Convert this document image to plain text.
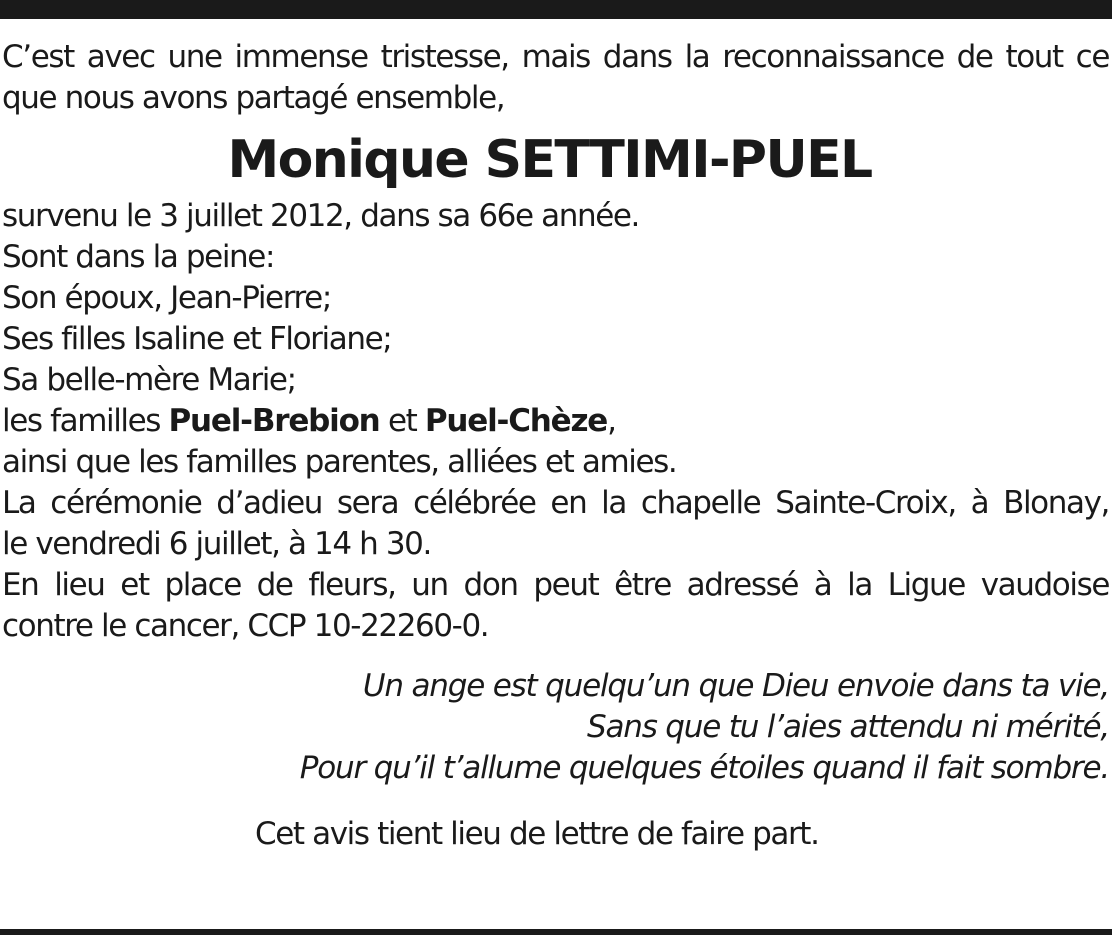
C’est avec une immense tristesse, mais dans la reconnaissance de tout ce
que nous avons partagé ensemble,
Monique SETTIMI-PUEL
survenu le 3 juillet 2012, dans sa 66e année.
Sont dans la peine:
Son époux, Jean-Pierre;
Ses filles Isaline et Floriane;
Sa belle-mère Marie;
les familles Puel-Brebion et Puel-Chèze,
ainsi que les familles parentes, alliées et amies.
La cérémonie d’adieu sera célébrée en la chapelle Sainte-Croix, à Blonay,
le vendredi 6 juillet, à 14 h 30.
En lieu et place de fleurs, un don peut être adressé à la Ligue vaudoise
contre le cancer, CCP 10-22260-0.
Un ange est quelqu’un que Dieu envoie dans ta vie,
Sans que tu l’aies attendu ni mérité,
Pour qu’il t’allume quelques étoiles quand il fait sombre.
Cet avis tient lieu de lettre de faire part.
